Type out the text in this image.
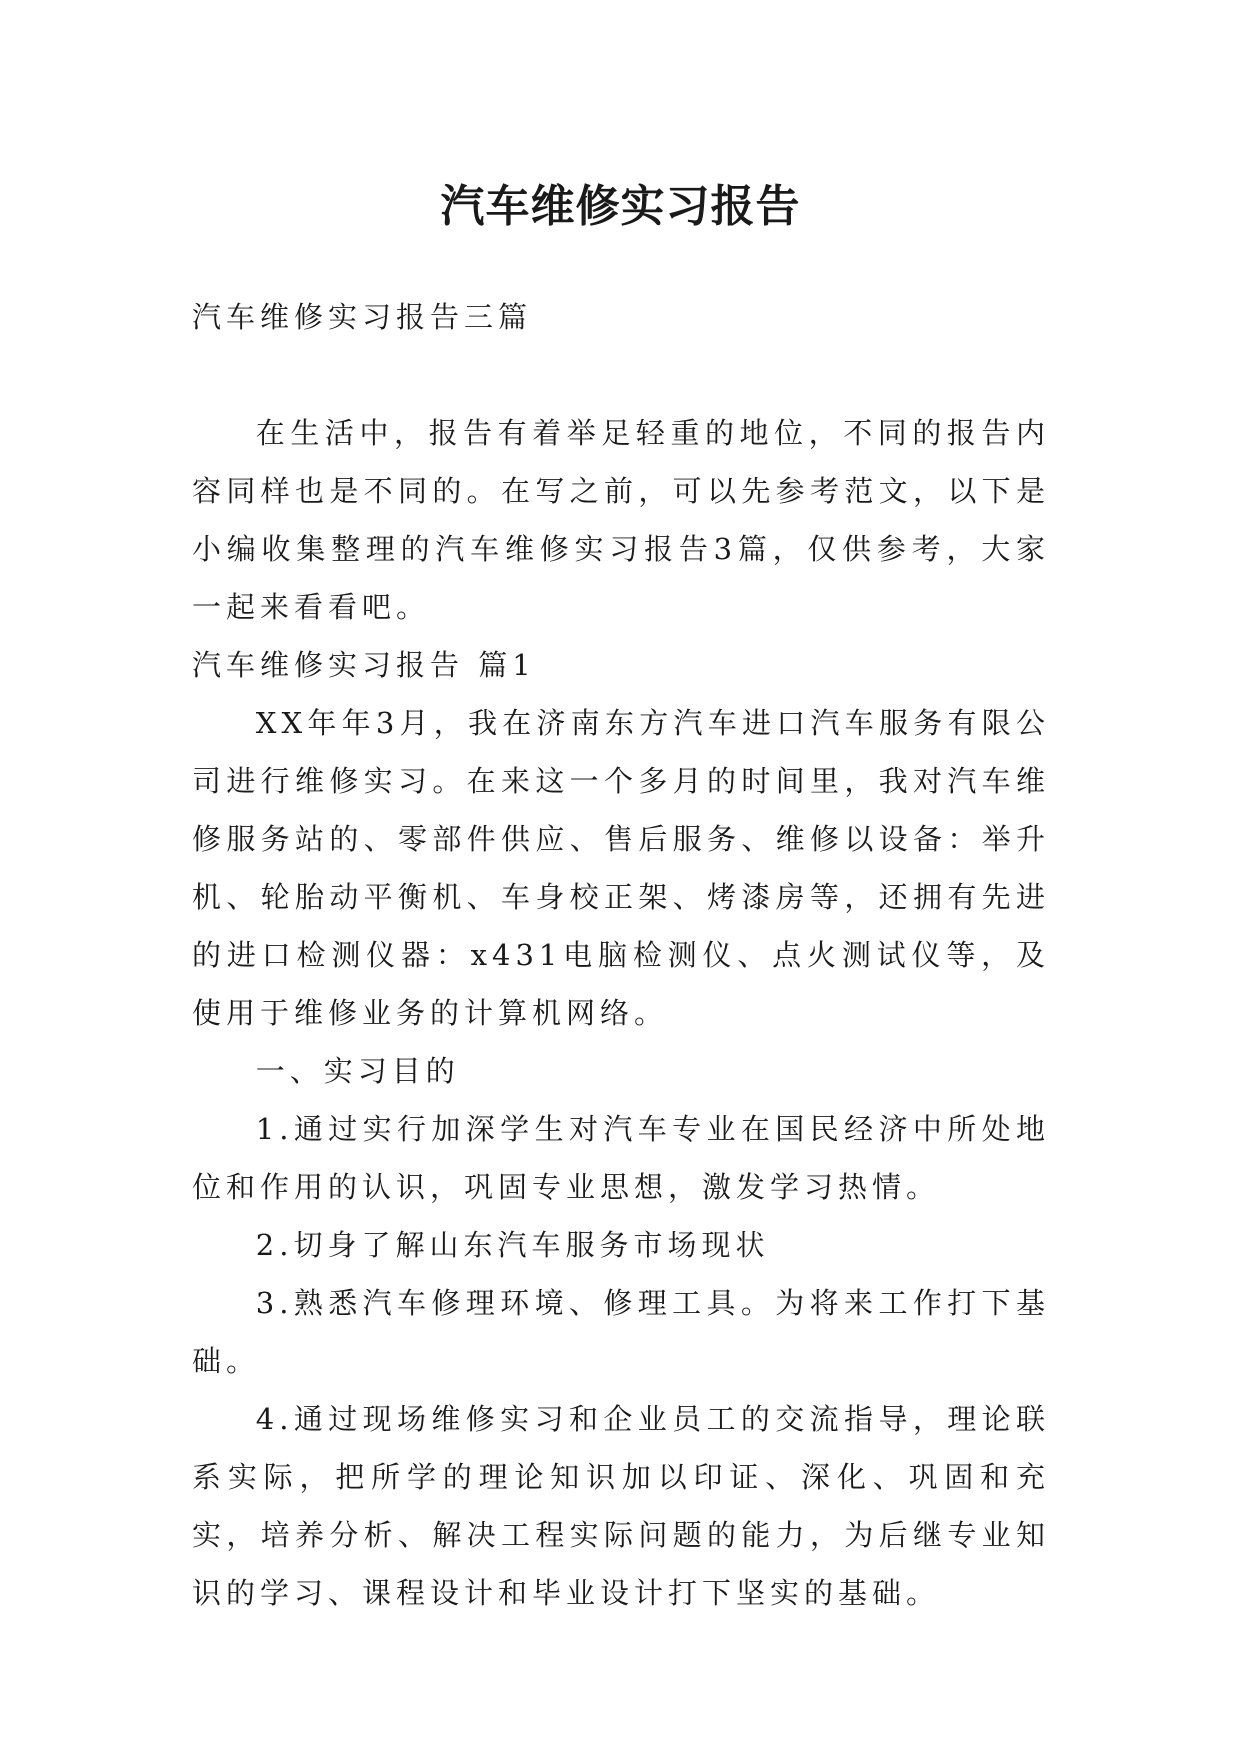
汽车维修实习报告

汽车维修实习报告三篇

在生活中，报告有着举足轻重的地位，不同的报告内容同样也是不同的。在写之前，可以先参考范文，以下是小编收集整理的汽车维修实习报告3篇，仅供参考，大家一起来看看吧。

汽车维修实习报告 篇1

XX年年3月，我在济南东方汽车进口汽车服务有限公司进行维修实习。在来这一个多月的时间里，我对汽车维修服务站的、零部件供应、售后服务、维修以设备：举升机、轮胎动平衡机、车身校正架、烤漆房等，还拥有先进的进口检测仪器：x431电脑检测仪、点火测试仪等，及使用于维修业务的计算机网络。

一、实习目的

1.通过实行加深学生对汽车专业在国民经济中所处地位和作用的认识，巩固专业思想，激发学习热情。

2.切身了解山东汽车服务市场现状

3.熟悉汽车修理环境、修理工具。为将来工作打下基础。

4.通过现场维修实习和企业员工的交流指导，理论联系实际，把所学的理论知识加以印证、深化、巩固和充实，培养分析、解决工程实际问题的能力，为后继专业知识的学习、课程设计和毕业设计打下坚实的基础。
